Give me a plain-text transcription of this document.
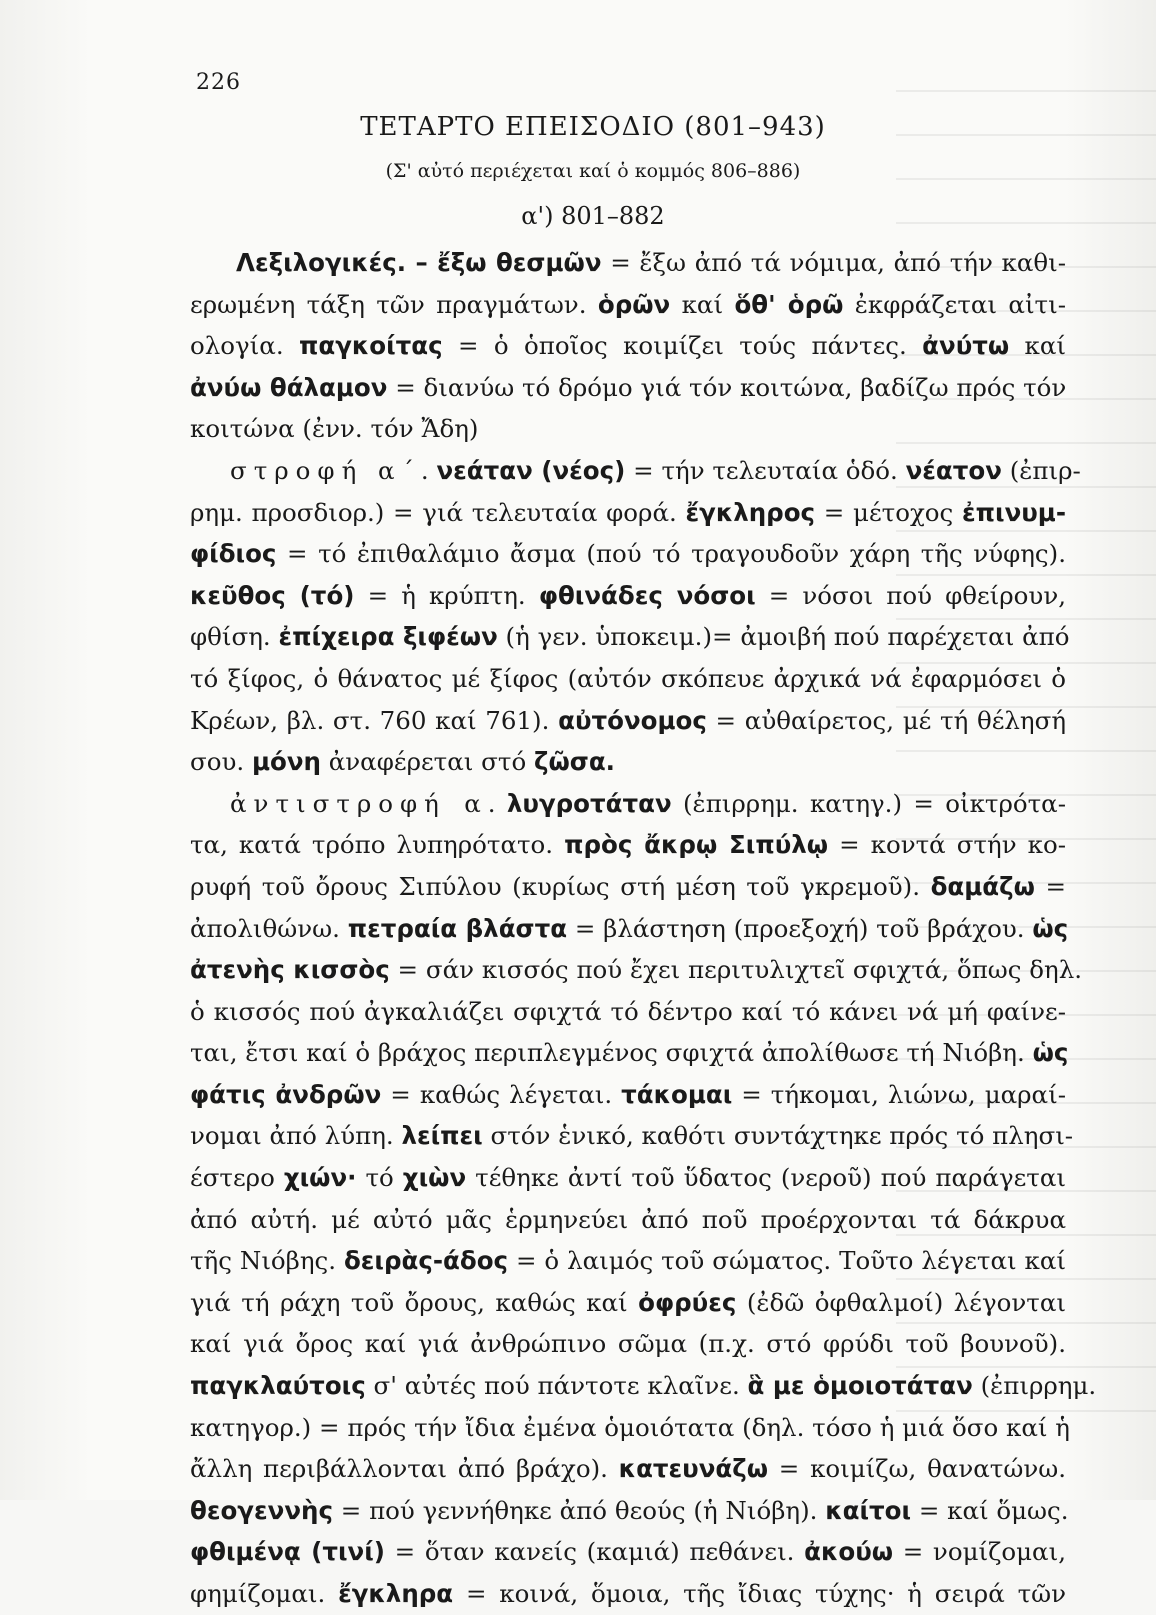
226
ΤΕΤΑΡΤΟ ΕΠΕΙΣΟΔΙΟ (801–943)
(Σ' αὐτό περιέχεται καί ὁ κομμός 806–886)
α') 801–882
Λεξιλογικές. – ἔξω θεσμῶν = ἔξω ἀπό τά νόμιμα, ἀπό τήν καθι-
ερωμένη τάξη τῶν πραγμάτων. ὁρῶν καί ὅθ' ὁρῶ ἐκφράζεται αἰτι-
ολογία. παγκοίτας = ὁ ὁποῖος κοιμίζει τούς πάντες. ἀνύτω καί
ἀνύω θάλαμον = διανύω τό δρόμο γιά τόν κοιτώνα, βαδίζω πρός τόν
κοιτώνα (ἐνν. τόν Ἄδη)
στροφή α΄. νεάταν (νέος) = τήν τελευταία ὁδό. νέατον (ἐπιρ-
ρημ. προσδιορ.) = γιά τελευταία φορά. ἔγκληρος = μέτοχος ἐπινυμ-
φίδιος = τό ἐπιθαλάμιο ἄσμα (πού τό τραγουδοῦν χάρη τῆς νύφης).
κεῦθος (τό) = ἡ κρύπτη. φθινάδες νόσοι = νόσοι πού φθείρουν,
φθίση. ἐπίχειρα ξιφέων (ἡ γεν. ὑποκειμ.)= ἀμοιβή πού παρέχεται ἀπό
τό ξίφος, ὁ θάνατος μέ ξίφος (αὐτόν σκόπευε ἀρχικά νά ἐφαρμόσει ὁ
Κρέων, βλ. στ. 760 καί 761). αὐτόνομος = αὐθαίρετος, μέ τή θέλησή
σου. μόνη ἀναφέρεται στό ζῶσα.
ἀντιστροφή α. λυγροτάταν (ἐπιρρημ. κατηγ.) = οἰκτρότα-
τα, κατά τρόπο λυπηρότατο. πρὸς ἄκρῳ Σιπύλῳ = κοντά στήν κο-
ρυφή τοῦ ὄρους Σιπύλου (κυρίως στή μέση τοῦ γκρεμοῦ). δαμάζω =
ἀπολιθώνω. πετραία βλάστα = βλάστηση (προεξοχή) τοῦ βράχου. ὡς
ἀτενὴς κισσὸς = σάν κισσός πού ἔχει περιτυλιχτεῖ σφιχτά, ὅπως δηλ.
ὁ κισσός πού ἀγκαλιάζει σφιχτά τό δέντρο καί τό κάνει νά μή φαίνε-
ται, ἔτσι καί ὁ βράχος περιπλεγμένος σφιχτά ἀπολίθωσε τή Νιόβη. ὡς
φάτις ἀνδρῶν = καθώς λέγεται. τάκομαι = τήκομαι, λιώνω, μαραί-
νομαι ἀπό λύπη. λείπει στόν ἑνικό, καθότι συντάχτηκε πρός τό πλησι-
έστερο χιών· τό χιὼν τέθηκε ἀντί τοῦ ὕδατος (νεροῦ) πού παράγεται
ἀπό αὐτή. μέ αὐτό μᾶς ἑρμηνεύει ἀπό ποῦ προέρχονται τά δάκρυα
τῆς Νιόβης. δειρὰς-άδος = ὁ λαιμός τοῦ σώματος. Τοῦτο λέγεται καί
γιά τή ράχη τοῦ ὄρους, καθώς καί ὀφρύες (ἐδῶ ὀφθαλμοί) λέγονται
καί γιά ὄρος καί γιά ἀνθρώπινο σῶμα (π.χ. στό φρύδι τοῦ βουνοῦ).
παγκλαύτοις σ' αὐτές πού πάντοτε κλαῖνε. ἃ με ὁμοιοτάταν (ἐπιρρημ.
κατηγορ.) = πρός τήν ἴδια ἐμένα ὁμοιότατα (δηλ. τόσο ἡ μιά ὅσο καί ἡ
ἄλλη περιβάλλονται ἀπό βράχο). κατευνάζω = κοιμίζω, θανατώνω.
θεογεννὴς = πού γεννήθηκε ἀπό θεούς (ἡ Νιόβη). καίτοι = καί ὅμως.
φθιμένᾳ (τινί) = ὅταν κανείς (καμιά) πεθάνει. ἀκούω = νομίζομαι,
φημίζομαι. ἔγκληρα = κοινά, ὅμοια, τῆς ἴδιας τύχης· ἡ σειρά τῶν
